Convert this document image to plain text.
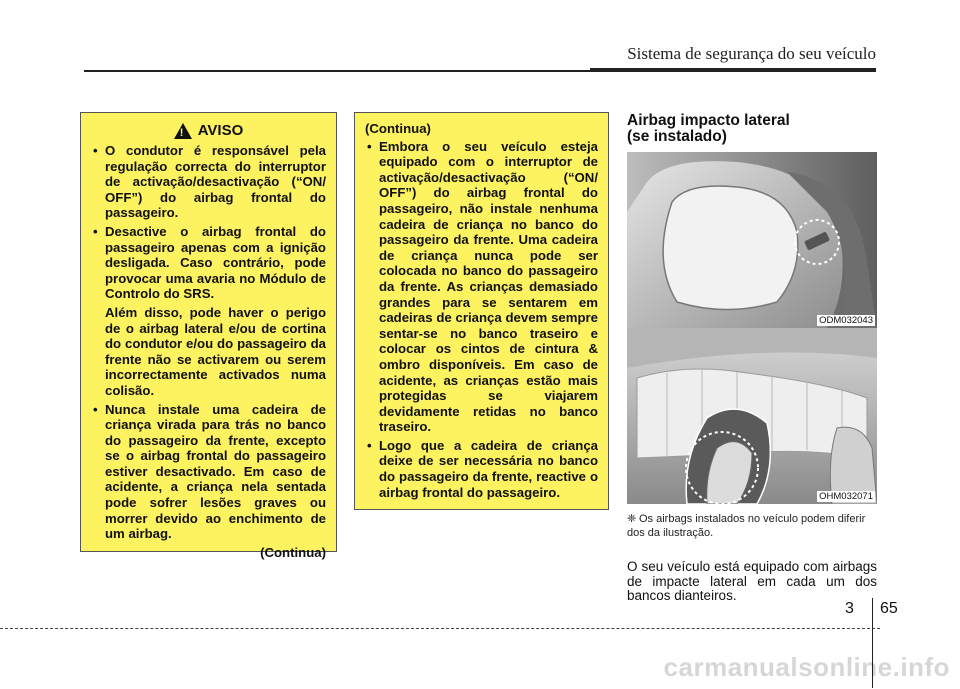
Sistema de segurança do seu veículo
!
AVISO
• O condutor é responsável pela regulação correcta do interruptor de activação/desactivação (“ON/ OFF”) do airbag frontal do passageiro.
• Desactive o airbag frontal do passageiro apenas com a ignição desligada. Caso contrário, pode provocar uma avaria no Módulo de Controlo do SRS.
Além disso, pode haver o perigo de o airbag lateral e/ou de cortina do condutor e/ou do passageiro da frente não se activarem ou serem incorrectamente activados numa colisão.
• Nunca instale uma cadeira de criança virada para trás no banco do passageiro da frente, excepto se o airbag frontal do passageiro estiver desactivado. Em caso de acidente, a criança nela sentada pode sofrer lesões graves ou morrer devido ao enchimento de um airbag.
(Continua)
(Continua)
• Embora o seu veículo esteja equipado com o interruptor de activação/desactivação (“ON/ OFF”) do airbag frontal do passageiro, não instale nenhuma cadeira de criança no banco do passageiro da frente. Uma cadeira de criança nunca pode ser colocada no banco do passageiro da frente. As crianças demasiado grandes para se sentarem em cadeiras de criança devem sempre sentar-se no banco traseiro e colocar os cintos de cintura & ombro disponíveis. Em caso de acidente, as crianças estão mais protegidas se viajarem devidamente retidas no banco traseiro.
• Logo que a cadeira de criança deixe de ser necessária no banco do passageiro da frente, reactive o airbag frontal do passageiro.
Airbag impacto lateral
(se instalado)
ODM032043
OHM032071
❈ Os airbags instalados no veículo podem diferir dos da ilustração.
O seu veículo está equipado com airbags de impacte lateral em cada um dos bancos dianteiros.
3 65
carmanualsonline.info
